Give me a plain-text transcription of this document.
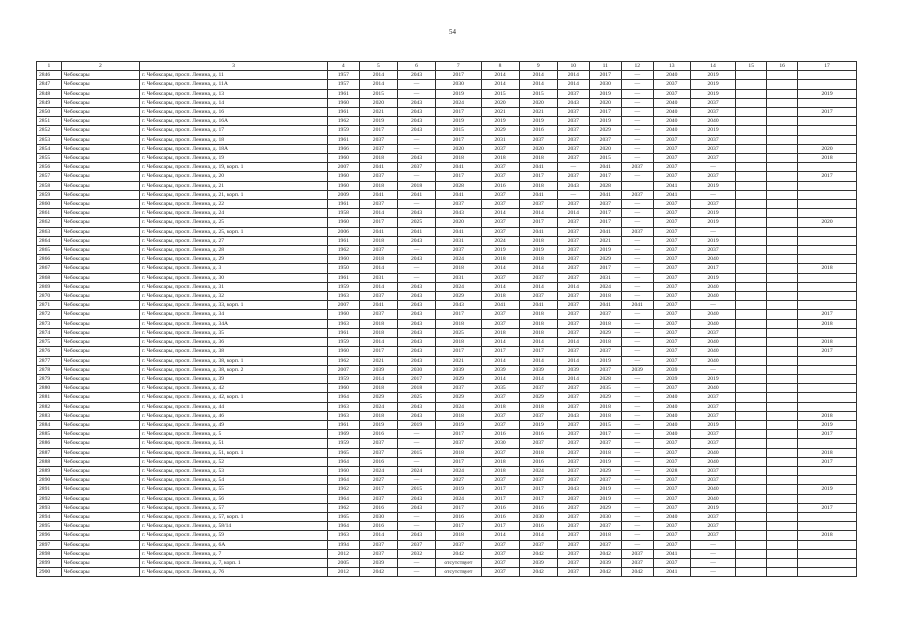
54
1	2	3	4	5	6	7	8	9	10	11	12	13	14	15	16	17
2846	Чебоксары	г. Чебоксары, просп. Ленина, д. 11	1957	2014	2043	2017	2014	2014	2014	2017	—	2040	2019			
2847	Чебоксары	г. Чебоксары, просп. Ленина, д. 11А	1957	2014	—	2030	2014	2014	2014	2030	—	2037	2019			
2848	Чебоксары	г. Чебоксары, просп. Ленина, д. 13	1961	2015	—	2019	2015	2015	2037	2019	—	2037	2019			2019
2849	Чебоксары	г. Чебоксары, просп. Ленина, д. 14	1960	2020	2043	2024	2020	2020	2043	2020	—	2040	2037			
2850	Чебоксары	г. Чебоксары, просп. Ленина, д. 16	1961	2021	2043	2017	2021	2021	2037	2017	—	2040	2037			2017
2851	Чебоксары	г. Чебоксары, просп. Ленина, д. 16А	1962	2019	2043	2019	2019	2019	2037	2019	—	2040	2040			
2852	Чебоксары	г. Чебоксары, просп. Ленина, д. 17	1959	2017	2043	2015	2029	2016	2037	2029	—	2040	2019			
2853	Чебоксары	г. Чебоксары, просп. Ленина, д. 18	1961	2037	—	2017	2031	2037	2037	2037	—	2037	2037			
2854	Чебоксары	г. Чебоксары, просп. Ленина, д. 18А	1966	2037	—	2020	2037	2020	2037	2020	—	2037	2037			2020
2855	Чебоксары	г. Чебоксары, просп. Ленина, д. 19	1960	2018	2043	2018	2018	2018	2037	2015	—	2037	2037			2018
2856	Чебоксары	г. Чебоксары, просп. Ленина, д. 19, корп. 1	2007	2041	2037	2041	2037	2041	—	2041	2037	2037	—			
2857	Чебоксары	г. Чебоксары, просп. Ленина, д. 20	1960	2037	—	2017	2037	2017	2037	2017	—	2037	2037			2017
2858	Чебоксары	г. Чебоксары, просп. Ленина, д. 21	1960	2018	2018	2028	2016	2018	2043	2028		2041	2019			
2859	Чебоксары	г. Чебоксары, просп. Ленина, д. 21, корп. 1	2009	2041	2041	2041	2037	2041	—	2041	2037	2041	—			
2860	Чебоксары	г. Чебоксары, просп. Ленина, д. 22	1961	2037	—	2037	2037	2037	2037	2037	—	2037	2037			
2861	Чебоксары	г. Чебоксары, просп. Ленина, д. 24	1958	2014	2043	2043	2014	2014	2014	2017	—	2037	2019			
2862	Чебоксары	г. Чебоксары, просп. Ленина, д. 25	1960	2017	2025	2020	2037	2017	2037	2017	—	2037	2019			2020
2863	Чебоксары	г. Чебоксары, просп. Ленина, д. 25, корп. 1	2006	2041	2041	2041	2037	2041	2037	2041	2037	2037	—			
2864	Чебоксары	г. Чебоксары, просп. Ленина, д. 27	1961	2018	2043	2031	2024	2018	2037	2021	—	2037	2019			
2865	Чебоксары	г. Чебоксары, просп. Ленина, д. 28	1962	2037	—	2037	2019	2019	2037	2019	—	2037	2037			
2866	Чебоксары	г. Чебоксары, просп. Ленина, д. 29	1960	2018	2043	2024	2018	2018	2037	2029	—	2037	2040			
2867	Чебоксары	г. Чебоксары, просп. Ленина, д. 3	1950	2014	—	2018	2014	2014	2037	2017	—	2037	2017			2018
2868	Чебоксары	г. Чебоксары, просп. Ленина, д. 30	1961	2031	—	2031	2037	2037	2037	2031	—	2037	2019			
2869	Чебоксары	г. Чебоксары, просп. Ленина, д. 31	1959	2014	2043	2024	2014	2014	2014	2024	—	2037	2040			
2870	Чебоксары	г. Чебоксары, просп. Ленина, д. 32	1963	2037	2043	2029	2018	2037	2037	2018	—	2037	2040			
2871	Чебоксары	г. Чебоксары, просп. Ленина, д. 33, корп. 1	2007	2041	2043	2043	2041	2041	2037	2041	2041	2037	—			
2872	Чебоксары	г. Чебоксары, просп. Ленина, д. 34	1960	2037	2043	2017	2037	2018	2037	2037	—	2037	2040			2017
2873	Чебоксары	г. Чебоксары, просп. Ленина, д. 34А	1963	2018	2043	2018	2037	2018	2037	2018	—	2037	2040			2018
2874	Чебоксары	г. Чебоксары, просп. Ленина, д. 35	1961	2018	2043	2025	2018	2018	2037	2029	—	2037	2037			
2875	Чебоксары	г. Чебоксары, просп. Ленина, д. 36	1959	2014	2043	2018	2014	2014	2014	2018	—	2037	2040			2018
2876	Чебоксары	г. Чебоксары, просп. Ленина, д. 38	1960	2017	2043	2017	2017	2017	2037	2037	—	2037	2040			2017
2877	Чебоксары	г. Чебоксары, просп. Ленина, д. 38, корп. 1	1962	2021	2043	2021	2014	2014	2014	2019	—	2037	2040			
2878	Чебоксары	г. Чебоксары, просп. Ленина, д. 38, корп. 2	2007	2039	2030	2039	2039	2039	2039	2037	2039	2039	—			
2879	Чебоксары	г. Чебоксары, просп. Ленина, д. 39	1959	2014	2017	2029	2014	2014	2014	2028	—	2039	2019			
2880	Чебоксары	г. Чебоксары, просп. Ленина, д. 42	1960	2018	2018	2037	2035	2037	2037	2035	—	2037	2040			
2881	Чебоксары	г. Чебоксары, просп. Ленина, д. 42, корп. 1	1964	2029	2025	2029	2037	2029	2037	2029	—	2040	2037			
2882	Чебоксары	г. Чебоксары, просп. Ленина, д. 44	1963	2024	2043	2024	2018	2018	2037	2018	—	2040	2037			
2883	Чебоксары	г. Чебоксары, просп. Ленина, д. 46	1963	2018	2043	2018	2037	2037	2043	2018	—	2040	2037			2018
2884	Чебоксары	г. Чебоксары, просп. Ленина, д. 49	1961	2019	2019	2019	2037	2019	2037	2015	—	2040	2019			2019
2885	Чебоксары	г. Чебоксары, просп. Ленина, д. 5	1969	2016	—	2017	2016	2016	2037	2017	—	2040	2037			2017
2886	Чебоксары	г. Чебоксары, просп. Ленина, д. 51	1959	2037	—	2037	2030	2037	2037	2037	—	2037	2037			
2887	Чебоксары	г. Чебоксары, просп. Ленина, д. 51, корп. 1	1965	2037	2015	2018	2037	2018	2037	2018	—	2037	2040			2018
2888	Чебоксары	г. Чебоксары, просп. Ленина, д. 52	1964	2016	—	2017	2018	2016	2037	2019	—	2037	2040			2017
2889	Чебоксары	г. Чебоксары, просп. Ленина, д. 53	1960	2024	2024	2024	2018	2024	2037	2029	—	2028	2037			
2890	Чебоксары	г. Чебоксары, просп. Ленина, д. 54	1964	2027	—	2027	2037	2037	2037	2037	—	2037	2037			
2891	Чебоксары	г. Чебоксары, просп. Ленина, д. 55	1962	2017	2015	2019	2017	2017	2043	2019	—	2037	2040			2019
2892	Чебоксары	г. Чебоксары, просп. Ленина, д. 56	1964	2037	2043	2024	2017	2017	2037	2019	—	2037	2040			
2893	Чебоксары	г. Чебоксары, просп. Ленина, д. 57	1962	2016	2043	2017	2016	2016	2037	2029	—	2037	2019			2017
2894	Чебоксары	г. Чебоксары, просп. Ленина, д. 57, корп. 1	1965	2030	—	2016	2016	2030	2037	2030	—	2040	2037			
2895	Чебоксары	г. Чебоксары, просп. Ленина, д. 58/14	1964	2016	—	2017	2017	2016	2037	2037	—	2037	2037			
2896	Чебоксары	г. Чебоксары, просп. Ленина, д. 59	1963	2014	2043	2018	2014	2014	2037	2018	—	2037	2037			2018
2897	Чебоксары	г. Чебоксары, просп. Ленина, д. 6А	1994	2037	2037	2037	2037	2037	2037	2037	—	2037	—			
2898	Чебоксары	г. Чебоксары, просп. Ленина, д. 7	2012	2037	2032	2042	2037	2042	2037	2042	2037	2041	—			
2899	Чебоксары	г. Чебоксары, просп. Ленина, д. 7, корп. 1	2005	2039	—	отсутствует	2037	2039	2037	2039	2037	2037	—			
2900	Чебоксары	г. Чебоксары, просп. Ленина, д. 76	2012	2042	—	отсутствует	2037	2042	2037	2042	2042	2041	—			
